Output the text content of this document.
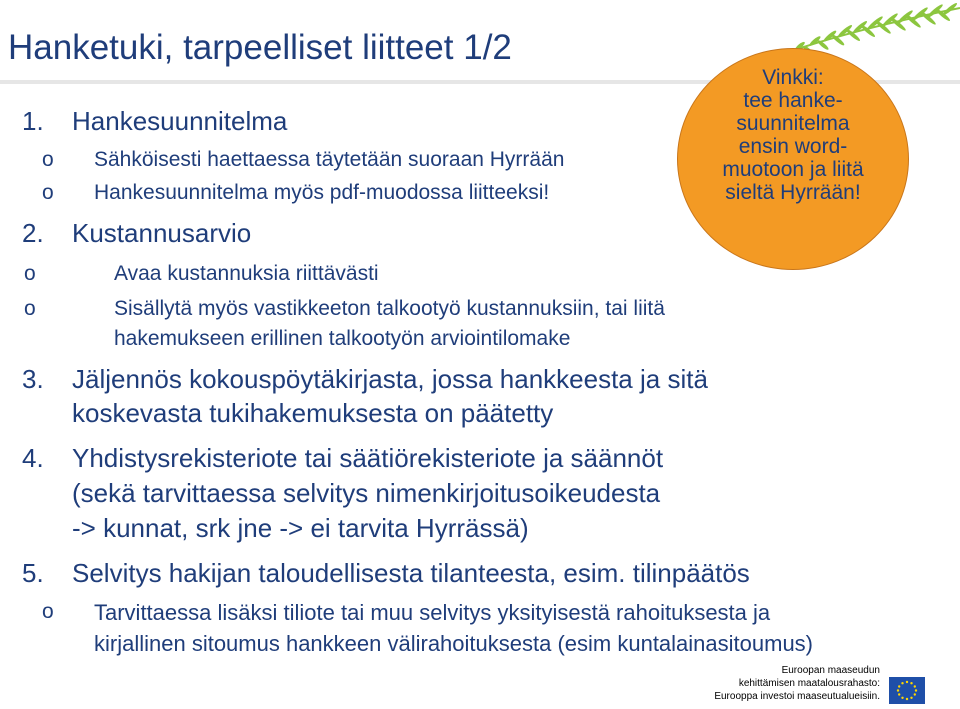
Hanketuki, tarpeelliset liitteet 1/2
1. Hankesuunnitelma
o Sähköisesti haettaessa täytetään suoraan Hyrrään
o Hankesuunnitelma myös pdf-muodossa liitteeksi!
2. Kustannusarvio
o	Avaa kustannuksia riittävästi
o	Sisällytä myös vastikkeeton talkootyö kustannuksiin, tai liitä
hakemukseen erillinen talkootyön arviointilomake
3. Jäljennös kokouspöytäkirjasta, jossa hankkeesta ja sitä
koskevasta tukihakemuksesta on päätetty
4. Yhdistysrekisteriote tai säätiörekisteriote ja säännöt
(sekä tarvittaessa selvitys nimenkirjoitusoikeudesta
-> kunnat, srk jne -> ei tarvita Hyrrässä)
5. Selvitys hakijan taloudellisesta tilanteesta, esim. tilinpäätös
o Tarvittaessa lisäksi tiliote tai muu selvitys yksityisestä rahoituksesta ja
kirjallinen sitoumus hankkeen välirahoituksesta (esim kuntalainasitoumus)
Vinkki:
tee hanke-
suunnitelma
ensin word-
muotoon ja liitä
sieltä Hyrrään!
Euroopan maaseudun
kehittämisen maatalousrahasto:
Eurooppa investoi maaseutualueisiin.
